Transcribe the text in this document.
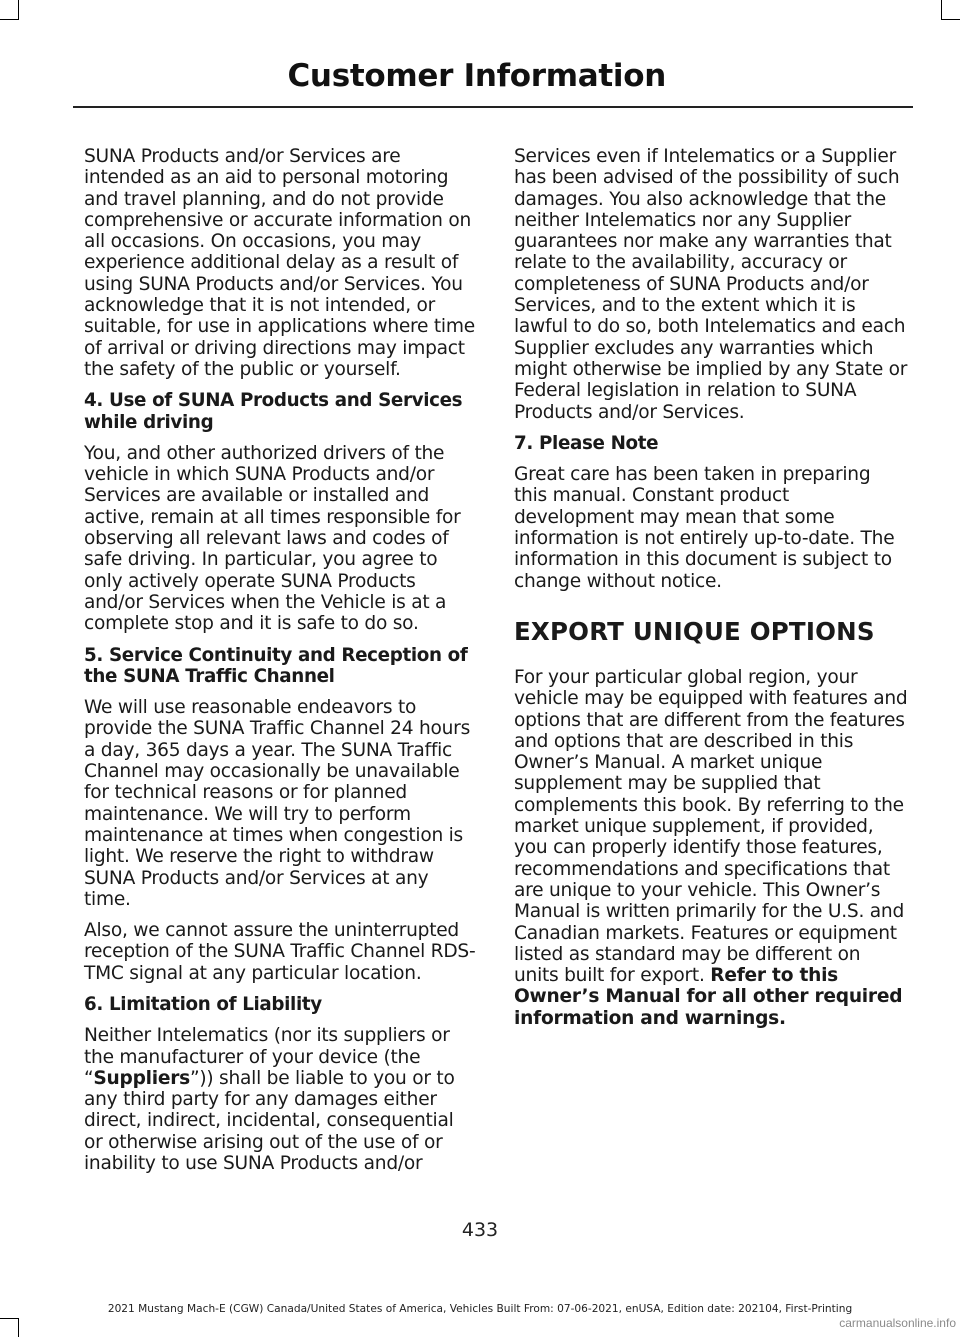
Customer Information

SUNA Products and/or Services are intended as an aid to personal motoring and travel planning, and do not provide comprehensive or accurate information on all occasions. On occasions, you may experience additional delay as a result of using SUNA Products and/or Services. You acknowledge that it is not intended, or suitable, for use in applications where time of arrival or driving directions may impact the safety of the public or yourself.

4. Use of SUNA Products and Services while driving

You, and other authorized drivers of the vehicle in which SUNA Products and/or Services are available or installed and active, remain at all times responsible for observing all relevant laws and codes of safe driving. In particular, you agree to only actively operate SUNA Products and/or Services when the Vehicle is at a complete stop and it is safe to do so.

5. Service Continuity and Reception of the SUNA Traffic Channel

We will use reasonable endeavors to provide the SUNA Traffic Channel 24 hours a day, 365 days a year. The SUNA Traffic Channel may occasionally be unavailable for technical reasons or for planned maintenance. We will try to perform maintenance at times when congestion is light. We reserve the right to withdraw SUNA Products and/or Services at any time.

Also, we cannot assure the uninterrupted reception of the SUNA Traffic Channel RDS-TMC signal at any particular location.

6. Limitation of Liability

Neither Intelematics (nor its suppliers or the manufacturer of your device (the “Suppliers”)) shall be liable to you or to any third party for any damages either direct, indirect, incidental, consequential or otherwise arising out of the use of or inability to use SUNA Products and/or

Services even if Intelematics or a Supplier has been advised of the possibility of such damages. You also acknowledge that the neither Intelematics nor any Supplier guarantees nor make any warranties that relate to the availability, accuracy or completeness of SUNA Products and/or Services, and to the extent which it is lawful to do so, both Intelematics and each Supplier excludes any warranties which might otherwise be implied by any State or Federal legislation in relation to SUNA Products and/or Services.

7. Please Note

Great care has been taken in preparing this manual. Constant product development may mean that some information is not entirely up-to-date. The information in this document is subject to change without notice.

EXPORT UNIQUE OPTIONS

For your particular global region, your vehicle may be equipped with features and options that are different from the features and options that are described in this Owner’s Manual. A market unique supplement may be supplied that complements this book. By referring to the market unique supplement, if provided, you can properly identify those features, recommendations and specifications that are unique to your vehicle. This Owner’s Manual is written primarily for the U.S. and Canadian markets. Features or equipment listed as standard may be different on units built for export. Refer to this Owner’s Manual for all other required information and warnings.

433
2021 Mustang Mach-E (CGW) Canada/United States of America, Vehicles Built From: 07-06-2021, enUSA, Edition date: 202104, First-Printing
carmanualsonline.info
